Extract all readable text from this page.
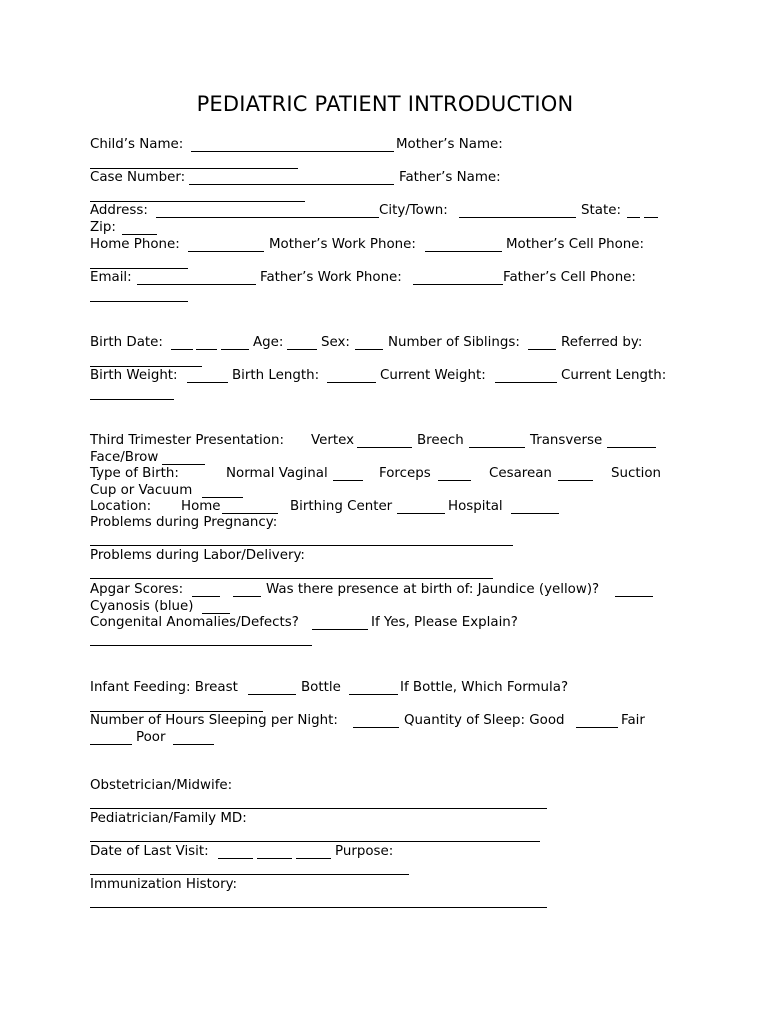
PEDIATRIC PATIENT INTRODUCTION
Child’s Name:	Mother’s Name:
Case Number:	Father’s Name:
Address:	City/Town:	State:
Zip:
Home Phone:	Mother’s Work Phone:	Mother’s Cell Phone:
Email:	Father’s Work Phone:	Father’s Cell Phone:
Birth Date:	Age:	Sex:	Number of Siblings:	Referred by:
Birth Weight:	Birth Length:	Current Weight:	Current Length:
Third Trimester Presentation: Vertex	Breech	Transverse
Face/Brow
Type of Birth:	Normal Vaginal	Forceps	Cesarean	Suction
Cup or Vacuum
Location: Home	Birthing Center	Hospital
Problems during Pregnancy:
Problems during Labor/Delivery:
Apgar Scores:	Was there presence at birth of: Jaundice (yellow)?
Cyanosis (blue)
Congenital Anomalies/Defects?	If Yes, Please Explain?
Infant Feeding: Breast	Bottle	If Bottle, Which Formula?
Number of Hours Sleeping per Night:	Quantity of Sleep: Good	Fair
Poor
Obstetrician/Midwife:
Pediatrician/Family MD:
Date of Last Visit:	Purpose:
Immunization History:
